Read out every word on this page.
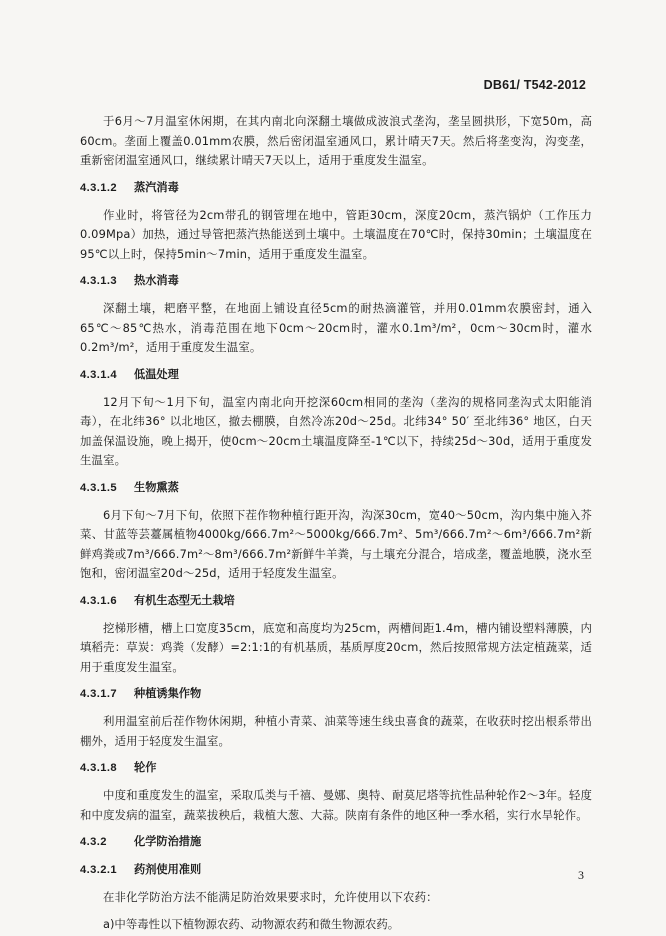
DB61/ T542-2012

于6月～7月温室休闲期，在其内南北向深翻土壤做成波浪式垄沟，垄呈圆拱形，下宽50m，高60cm。垄面上覆盖0.01mm农膜，然后密闭温室通风口，累计晴天7天。然后将垄变沟，沟变垄，重新密闭温室通风口，继续累计晴天7天以上，适用于重度发生温室。

4.3.1.2 蒸汽消毒

作业时，将管径为2cm带孔的钢管埋在地中，管距30cm，深度20cm，蒸汽锅炉（工作压力0.09Mpa）加热，通过导管把蒸汽热能送到土壤中。土壤温度在70℃时，保持30min；土壤温度在95℃以上时，保持5min～7min，适用于重度发生温室。

4.3.1.3 热水消毒

深翻土壤，耙磨平整，在地面上铺设直径5cm的耐热滴灌管，并用0.01mm农膜密封，通入65℃～85℃热水，消毒范围在地下0cm～20cm时，灌水0.1m³/m²，0cm～30cm时，灌水0.2m³/m²，适用于重度发生温室。

4.3.1.4 低温处理

12月下旬～1月下旬，温室内南北向开挖深60cm相同的垄沟（垄沟的规格同垄沟式太阳能消毒），在北纬36° 以北地区，撤去棚膜，自然冷冻20d～25d。北纬34° 50′ 至北纬36° 地区，白天加盖保温设施，晚上揭开，使0cm～20cm土壤温度降至-1℃以下，持续25d～30d，适用于重度发生温室。

4.3.1.5 生物熏蒸

6月下旬～7月下旬，依照下茬作物种植行距开沟，沟深30cm，宽40～50cm，沟内集中施入芥菜、甘蓝等芸薹属植物4000kg/666.7m²～5000kg/666.7m²、5m³/666.7m²～6m³/666.7m²新鲜鸡粪或7m³/666.7m²～8m³/666.7m²新鲜牛羊粪，与土壤充分混合，培成垄，覆盖地膜，浇水至饱和，密闭温室20d～25d，适用于轻度发生温室。

4.3.1.6 有机生态型无土栽培

挖梯形槽，槽上口宽度35cm，底宽和高度均为25cm，两槽间距1.4m，槽内铺设塑料薄膜，内填稻壳：草炭：鸡粪（发酵）=2:1:1的有机基质，基质厚度20cm，然后按照常规方法定植蔬菜，适用于重度发生温室。

4.3.1.7 种植诱集作物

利用温室前后茬作物休闲期，种植小青菜、油菜等速生线虫喜食的蔬菜，在收获时挖出根系带出棚外，适用于轻度发生温室。

4.3.1.8 轮作

中度和重度发生的温室，采取瓜类与千禧、曼娜、奥特、耐莫尼塔等抗性品种轮作2～3年。轻度和中度发病的温室，蔬菜拔秧后，栽植大葱、大蒜。陕南有条件的地区种一季水稻，实行水旱轮作。

4.3.2 化学防治措施
4.3.2.1 药剂使用准则

在非化学防治方法不能满足防治效果要求时，允许使用以下农药：

a)中等毒性以下植物源农药、动物源农药和微生物源农药。
3
